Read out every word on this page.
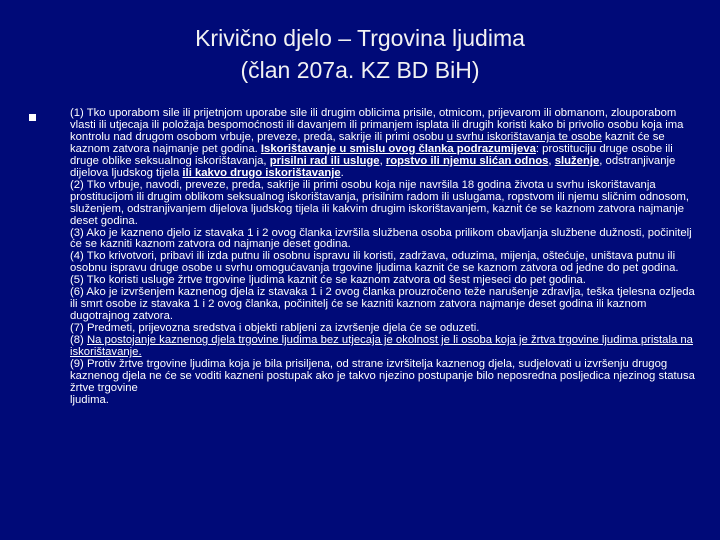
Krivično djelo – Trgovina ljudima
(član 207a. KZ BD BiH)

(1) Tko uporabom sile ili prijetnjom uporabe sile ili drugim oblicima prisile, otmicom, prijevarom ili obmanom, zlouporabom vlasti ili utjecaja ili položaja bespomoćnosti ili davanjem ili primanjem isplata ili drugih koristi kako bi privolio osobu koja ima kontrolu nad drugom osobom vrbuje, preveze, preda, sakrije ili primi osobu u svrhu iskorištavanja te osobe kaznit će se kaznom zatvora najmanje pet godina. Iskorištavanje u smislu ovog članka podrazumijeva: prostituciju druge osobe ili druge oblike seksualnog iskorištavanja, prisilni rad ili usluge, ropstvo ili njemu slićan odnos, služenje, odstranjivanje dijelova ljudskog tijela ili kakvo drugo iskorištavanje.

(2) Tko vrbuje, navodi, preveze, preda, sakrije ili primi osobu koja nije navršila 18 godina života u svrhu iskorištavanja prostitucijom ili drugim oblikom seksualnog iskorištavanja, prisilnim radom ili uslugama, ropstvom ili njemu sličnim odnosom, služenjem, odstranjivanjem dijelova ljudskog tijela ili kakvim drugim iskorištavanjem, kaznit će se kaznom zatvora najmanje deset godina.

(3) Ako je kazneno djelo iz stavaka 1 i 2 ovog članka izvršila službena osoba prilikom obavljanja službene dužnosti, počinitelj će se kazniti kaznom zatvora od najmanje deset godina.

(4) Tko krivotvori, pribavi ili izda putnu ili osobnu ispravu ili koristi, zadržava, oduzima, mijenja, oštećuje, uništava putnu ili osobnu ispravu druge osobe u svrhu omogućavanja trgovine ljudima kaznit će se kaznom zatvora od jedne do pet godina.

(5) Tko koristi usluge žrtve trgovine ljudima kaznit će se kaznom zatvora od šest mjeseci do pet godina.

(6) Ako je izvršenjem kaznenog djela iz stavaka 1 i 2 ovog članka prouzročeno teže narušenje zdravlja, teška tjelesna ozljeda ili smrt osobe iz stavaka 1 i 2 ovog članka, počinitelj će se kazniti kaznom zatvora najmanje deset godina ili kaznom dugotrajnog zatvora.

(7) Predmeti, prijevozna sredstva i objekti rabljeni za izvršenje djela će se oduzeti.

(8) Na postojanje kaznenog djela trgovine ljudima bez utjecaja je okolnost je li osoba koja je žrtva trgovine ljudima pristala na iskorištavanje.

(9) Protiv žrtve trgovine ljudima koja je bila prisiljena, od strane izvršitelja kaznenog djela, sudjelovati u izvršenju drugog kaznenog djela ne će se voditi kazneni postupak ako je takvo njezino postupanje bilo neposredna posljedica njezinog statusa žrtve trgovine

ljudima.
